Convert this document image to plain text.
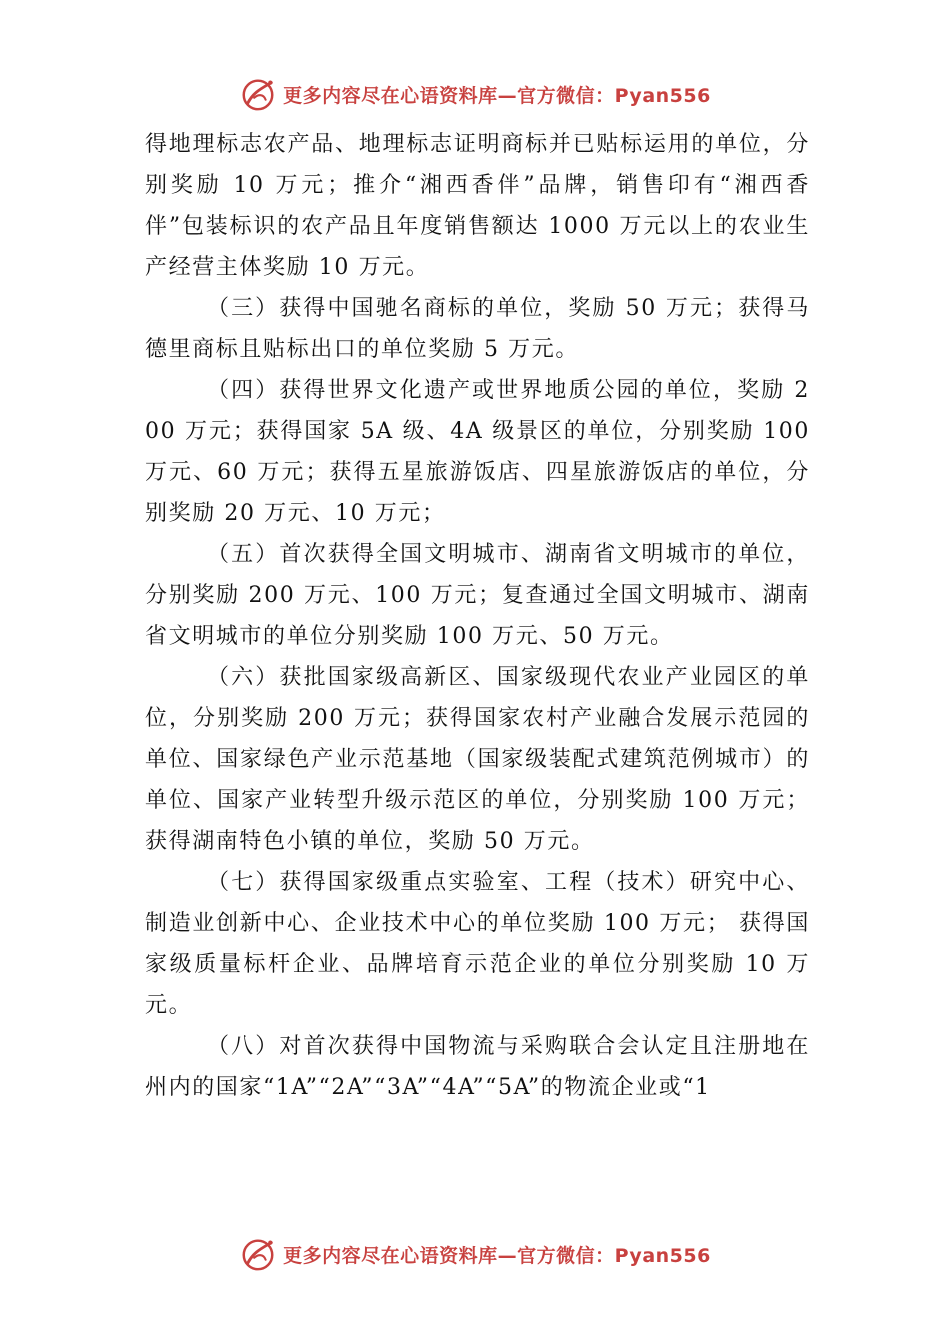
更多内容尽在心语资料库—官方微信：Pyan556

得地理标志农产品、地理标志证明商标并已贴标运用的单位，分别奖励 10 万元；推介“湘西香伴”品牌，销售印有“湘西香伴”包装标识的农产品且年度销售额达 1000 万元以上的农业生产经营主体奖励 10 万元。

（三）获得中国驰名商标的单位，奖励 50 万元；获得马德里商标且贴标出口的单位奖励 5 万元。

（四）获得世界文化遗产或世界地质公园的单位，奖励 200 万元；获得国家 5A 级、4A 级景区的单位，分别奖励 100 万元、60 万元；获得五星旅游饭店、四星旅游饭店的单位，分别奖励 20 万元、10 万元；

（五）首次获得全国文明城市、湖南省文明城市的单位，分别奖励 200 万元、100 万元；复查通过全国文明城市、湖南省文明城市的单位分别奖励 100 万元、50 万元。

（六）获批国家级高新区、国家级现代农业产业园区的单位，分别奖励 200 万元；获得国家农村产业融合发展示范园的单位、国家绿色产业示范基地（国家级装配式建筑范例城市）的单位、国家产业转型升级示范区的单位，分别奖励 100 万元；获得湖南特色小镇的单位，奖励 50 万元。

（七）获得国家级重点实验室、工程（技术）研究中心、制造业创新中心、企业技术中心的单位奖励 100 万元； 获得国家级质量标杆企业、品牌培育示范企业的单位分别奖励 10 万元。

（八）对首次获得中国物流与采购联合会认定且注册地在州内的国家“1A”“2A”“3A”“4A”“5A”的物流企业或“1

更多内容尽在心语资料库—官方微信：Pyan556
